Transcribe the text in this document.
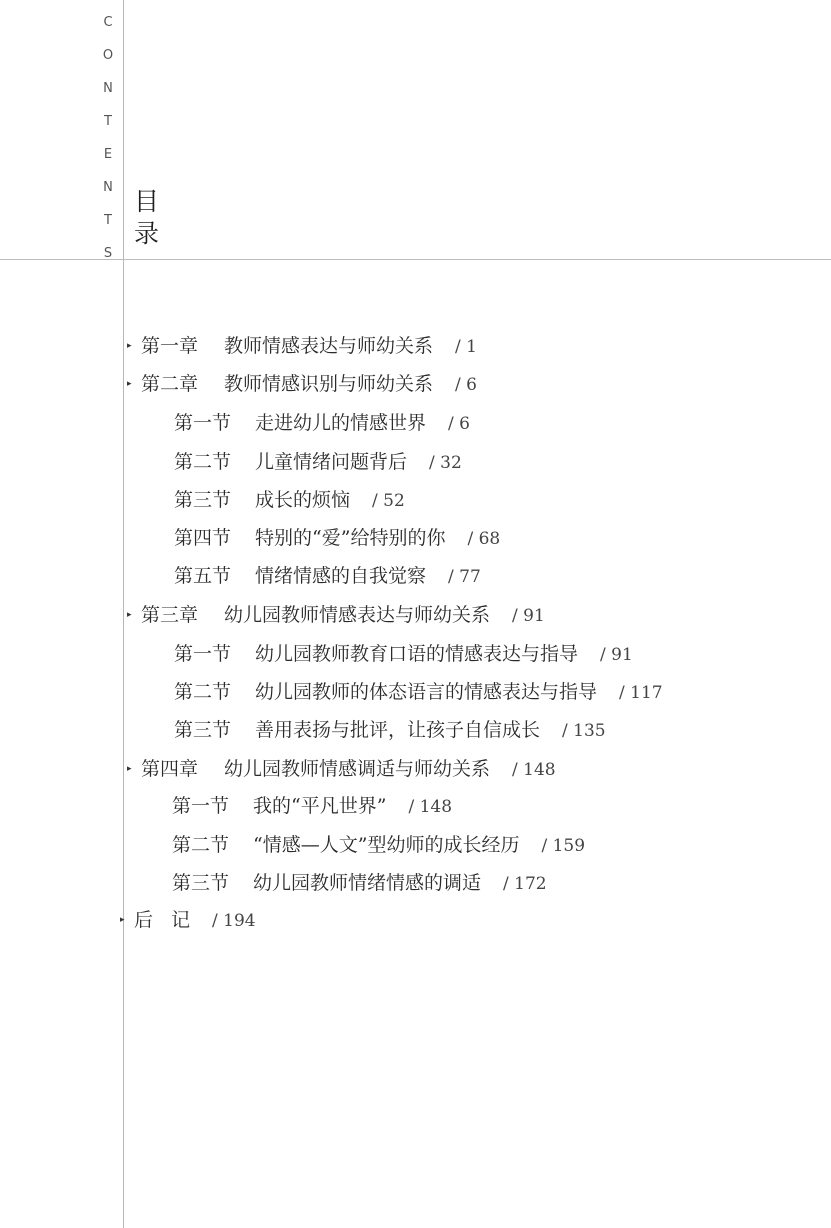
C
O
N
T
E
N
T
S
目
录
▸ 第一章 教师情感表达与师幼关系 / 1
▸ 第二章 教师情感识别与师幼关系 / 6
第一节 走进幼儿的情感世界 / 6
第二节 儿童情绪问题背后 / 32
第三节 成长的烦恼 / 52
第四节 特别的“爱”给特别的你 / 68
第五节 情绪情感的自我觉察 / 77
▸ 第三章 幼儿园教师情感表达与师幼关系 / 91
第一节 幼儿园教师教育口语的情感表达与指导 / 91
第二节 幼儿园教师的体态语言的情感表达与指导 / 117
第三节 善用表扬与批评，让孩子自信成长 / 135
▸ 第四章 幼儿园教师情感调适与师幼关系 / 148
第一节 我的“平凡世界” / 148
第二节 “情感—人文”型幼师的成长经历 / 159
第三节 幼儿园教师情绪情感的调适 / 172
▸ 后记 / 194
